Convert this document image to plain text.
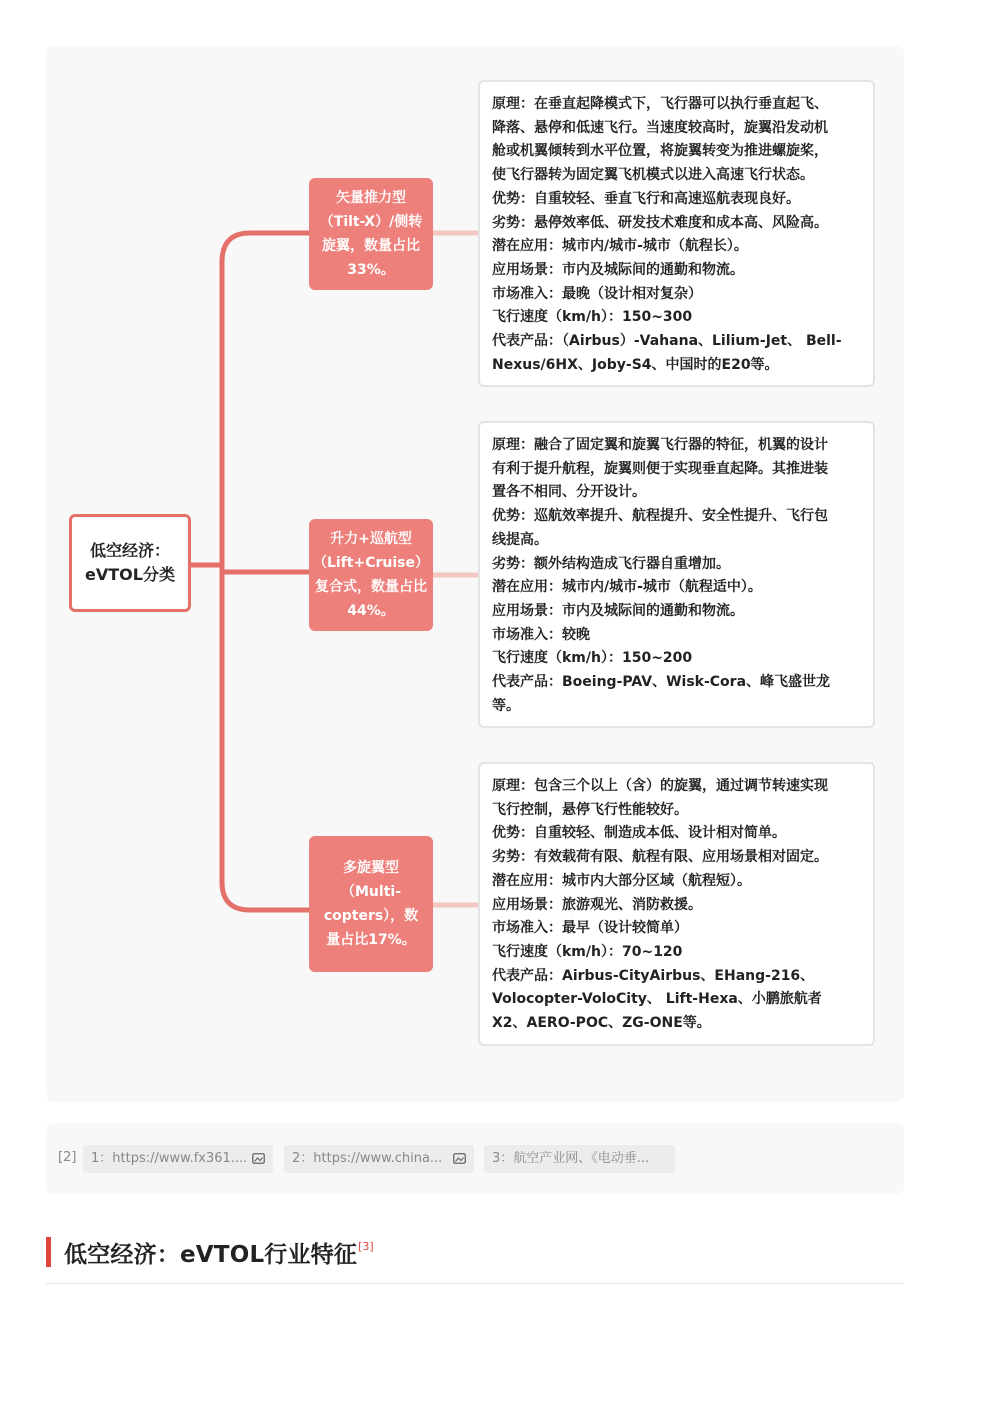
低空经济：eVTOL分类
矢量推力型（Tilt-X）/侧转旋翼，数量占比33%。
升力+巡航型（Lift+Cruise）复合式，数量占比44%。
多旋翼型（Multi-copters），数量占比17%。
原理：在垂直起降模式下，飞行器可以执行垂直起飞、
降落、悬停和低速飞行。当速度较高时，旋翼沿发动机
舱或机翼倾转到水平位置，将旋翼转变为推进螺旋桨，
使飞行器转为固定翼飞机模式以进入高速飞行状态。
优势：自重较轻、垂直飞行和高速巡航表现良好。
劣势：悬停效率低、研发技术难度和成本高、风险高。
潜在应用：城市内/城市-城市（航程长）。
应用场景：市内及城际间的通勤和物流。
市场准入：最晚（设计相对复杂）
飞行速度（km/h）：150~300
代表产品：（Airbus）-Vahana、Lilium-Jet、 Bell-
Nexus/6HX、Joby-S4、中国时的E20等。
原理：融合了固定翼和旋翼飞行器的特征，机翼的设计
有利于提升航程，旋翼则便于实现垂直起降。其推进装
置各不相同、分开设计。
优势：巡航效率提升、航程提升、安全性提升、飞行包
线提高。
劣势：额外结构造成飞行器自重增加。
潜在应用：城市内/城市-城市（航程适中）。
应用场景：市内及城际间的通勤和物流。
市场准入：较晚
飞行速度（km/h）：150~200
代表产品：Boeing-PAV、Wisk-Cora、峰飞盛世龙
等。
原理：包含三个以上（含）的旋翼，通过调节转速实现
飞行控制，悬停飞行性能较好。
优势：自重较轻、制造成本低、设计相对简单。
劣势：有效载荷有限、航程有限、应用场景相对固定。
潜在应用：城市内大部分区域（航程短）。
应用场景：旅游观光、消防救援。
市场准入：最早（设计较简单）
飞行速度（km/h）：70~120
代表产品：Airbus-CityAirbus、EHang-216、
Volocopter-VoloCity、 Lift-Hexa、小鹏旅航者
X2、AERO-POC、ZG-ONE等。
[2]	1：https://www.fx361....	2：https://www.china...	3：航空产业网、《电动垂...
低空经济：eVTOL行业特征 [3]
